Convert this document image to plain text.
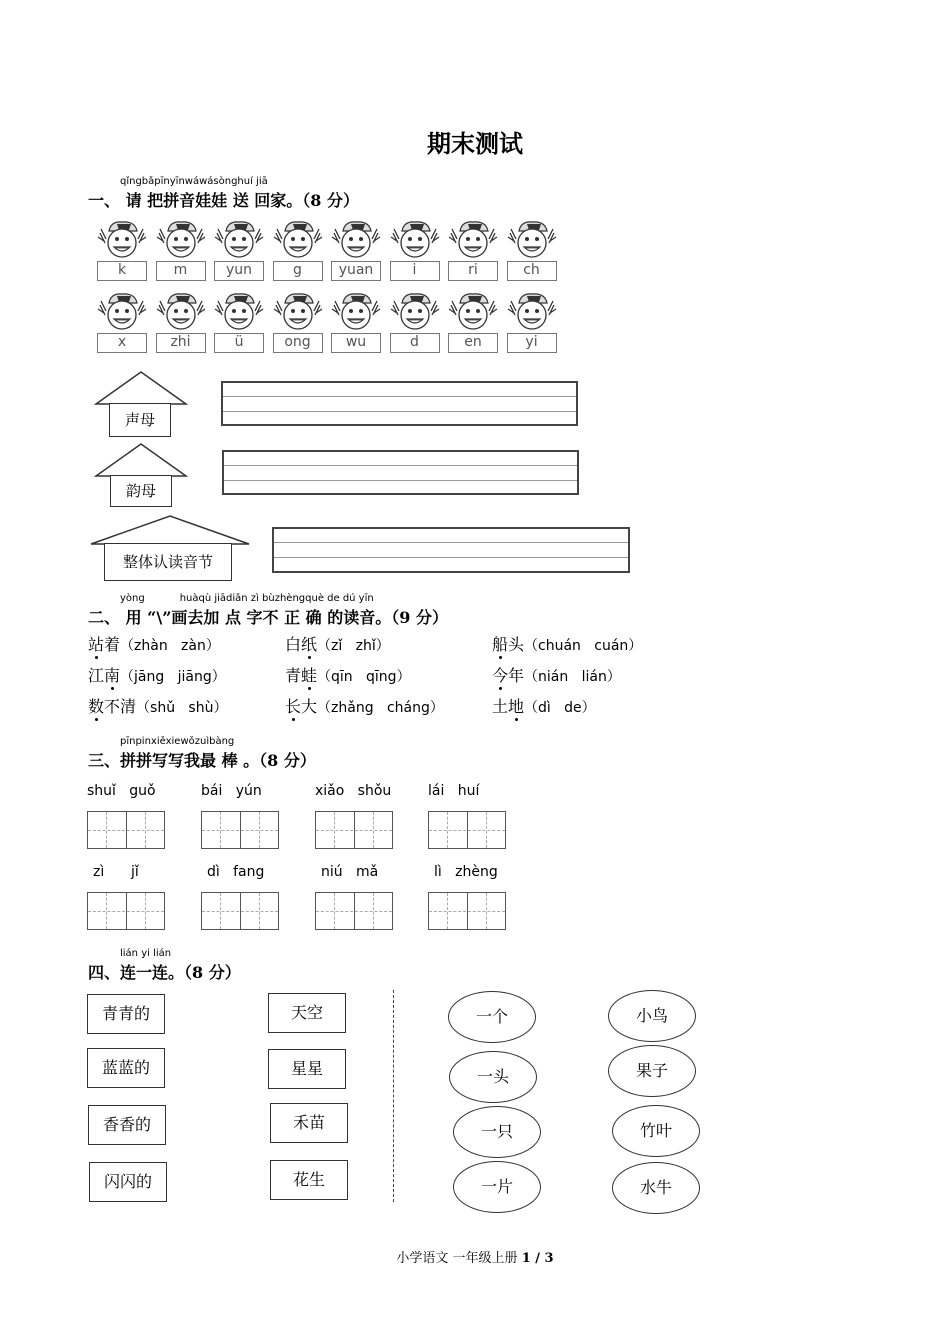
期末测试
qǐngbǎpīnyīnwáwásònghuí jiā
一、 请 把拼音娃娃 送 回家。（8 分）
k	m	yun	g	yuan	i	ri	ch
x	zhi	ü	ong	wu	d	en	yi
声母
韵母
整体认读音节
yòng           huàqù jiādiǎn zì bùzhèngquè de dú yīn
二、 用 “\”画去加 点 字不 正 确 的读音。（9 分）
站着（zhàn   zàn）	白纸（zǐ   zhǐ）	船头（chuán   cuán）
江南（jāng   jiāng）	青蛙（qīn   qīng）	今年（nián   lián）
数不清（shǔ   shù）	长大（zhǎng   cháng）	土地（dì   de）
pīnpinxiěxiewǒzuìbàng
三、拼拼写写我最 棒 。（8 分）
shuǐ   guǒ	bái   yún	xiǎo   shǒu	lái   huí
zì      jǐ	dì   fang	niú   mǎ	lì   zhèng
lián yi lián
四、连一连。（8 分）
青青的
蓝蓝的
香香的
闪闪的
天空
星星
禾苗
花生
一个
一头
一只
一片
小鸟
果子
竹叶
水牛
小学语文 一年级上册 1 / 3
